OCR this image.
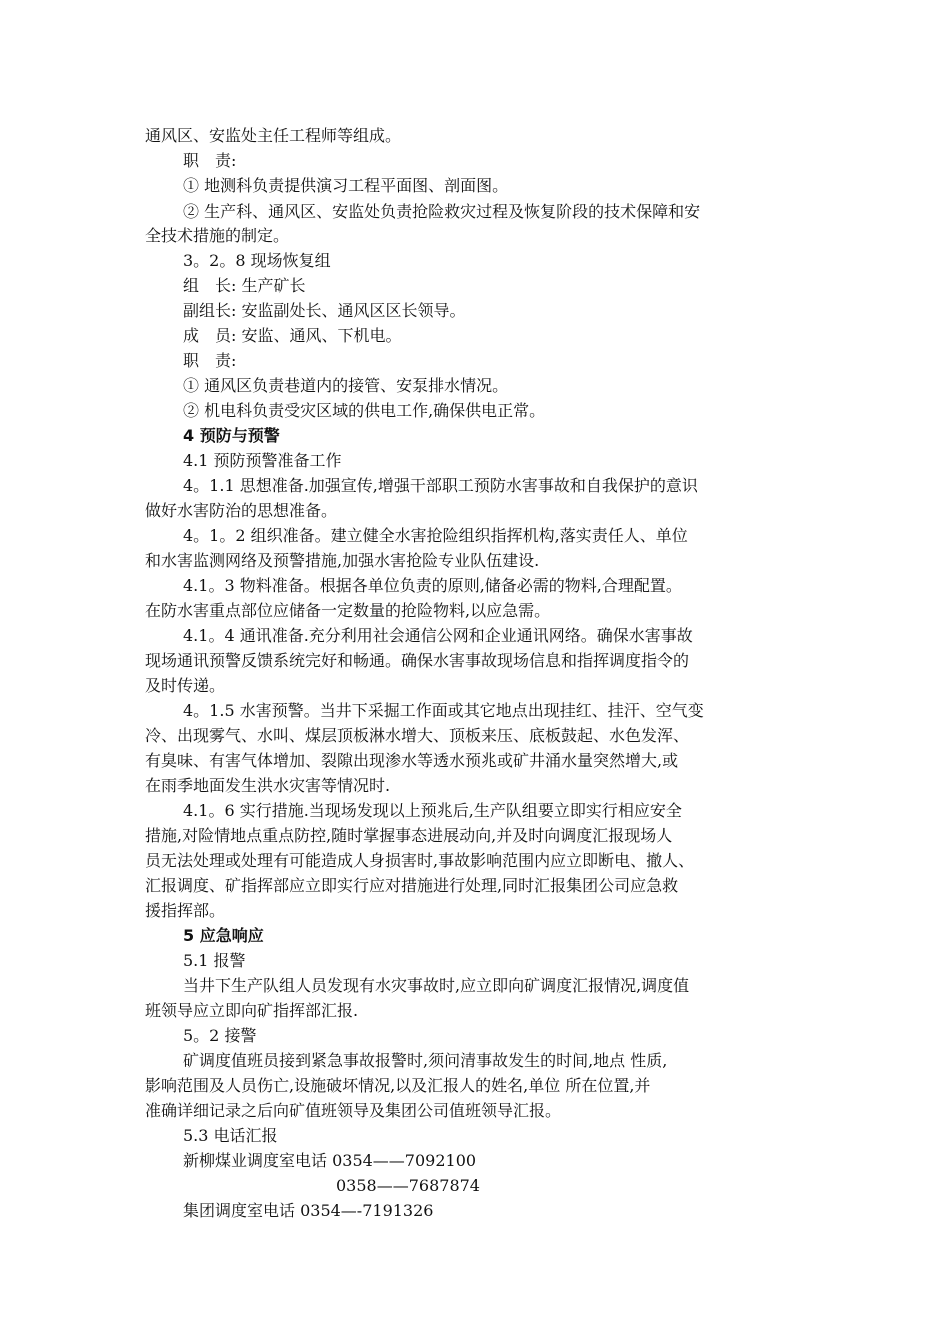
通风区、安监处主任工程师等组成。
职　责:
① 地测科负责提供演习工程平面图、剖面图。
② 生产科、通风区、安监处负责抢险救灾过程及恢复阶段的技术保障和安
全技术措施的制定。
3。2。8 现场恢复组
组　长: 生产矿长
副组长: 安监副处长、通风区区长领导。
成　员: 安监、通风、下机电。
职　责:
① 通风区负责巷道内的接管、安泵排水情况。
② 机电科负责受灾区域的供电工作,确保供电正常。
4 预防与预警
4.1 预防预警准备工作
4。1.1 思想准备.加强宣传,增强干部职工预防水害事故和自我保护的意识
做好水害防治的思想准备。
4。1。2 组织准备。建立健全水害抢险组织指挥机构,落实责任人、单位
和水害监测网络及预警措施,加强水害抢险专业队伍建设.
4.1。3 物料准备。根据各单位负责的原则,储备必需的物料,合理配置。
在防水害重点部位应储备一定数量的抢险物料,以应急需。
4.1。4 通讯准备.充分利用社会通信公网和企业通讯网络。确保水害事故
现场通讯预警反馈系统完好和畅通。确保水害事故现场信息和指挥调度指令的
及时传递。
4。1.5 水害预警。当井下采掘工作面或其它地点出现挂红、挂汗、空气变
冷、出现雾气、水叫、煤层顶板淋水增大、顶板来压、底板鼓起、水色发浑、
有臭味、有害气体增加、裂隙出现渗水等透水预兆或矿井涌水量突然增大,或
在雨季地面发生洪水灾害等情况时.
4.1。6 实行措施.当现场发现以上预兆后,生产队组要立即实行相应安全
措施,对险情地点重点防控,随时掌握事态进展动向,并及时向调度汇报现场人
员无法处理或处理有可能造成人身损害时,事故影响范围内应立即断电、撤人、
汇报调度、矿指挥部应立即实行应对措施进行处理,同时汇报集团公司应急救
援指挥部。
5 应急响应
5.1 报警
当井下生产队组人员发现有水灾事故时,应立即向矿调度汇报情况,调度值
班领导应立即向矿指挥部汇报.
5。2 接警
矿调度值班员接到紧急事故报警时,须问清事故发生的时间,地点 性质,
影响范围及人员伤亡,设施破坏情况,以及汇报人的姓名,单位 所在位置,并
准确详细记录之后向矿值班领导及集团公司值班领导汇报。
5.3 电话汇报
新柳煤业调度室电话 0354——7092100
0358——7687874
集团调度室电话 0354—-7191326
